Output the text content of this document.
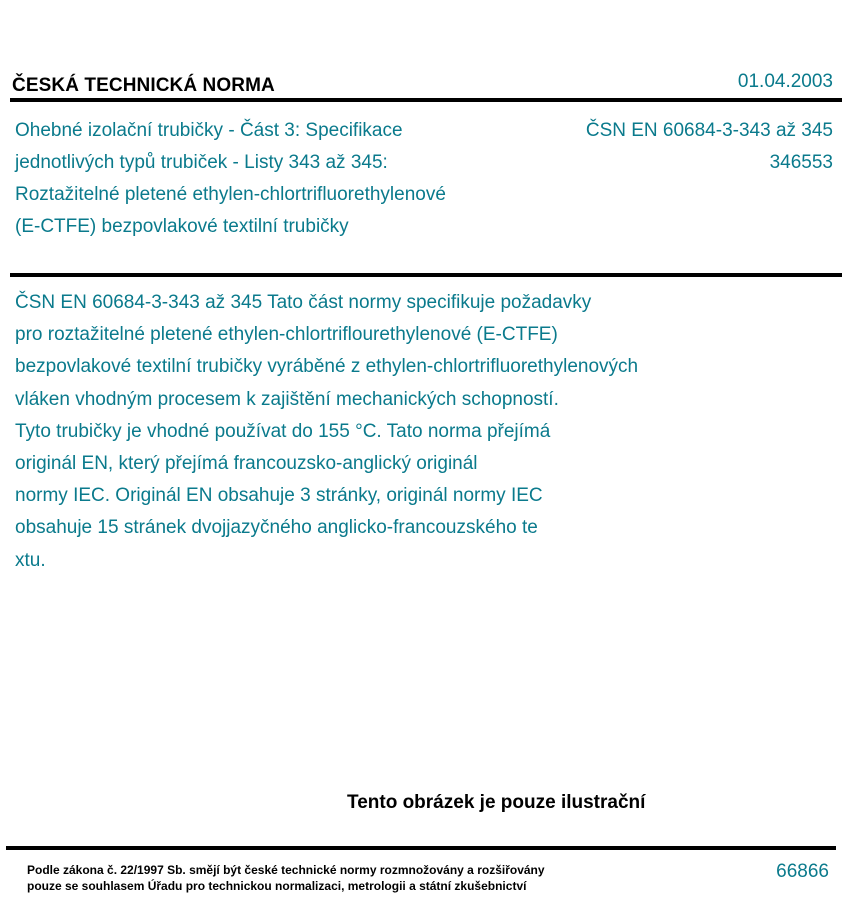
ČESKÁ TECHNICKÁ NORMA	01.04.2003
Ohebné izolační trubičky - Část 3: Specifikace
jednotlivých typů trubiček - Listy 343 až 345:
Roztažitelné pletené ethylen-chlortrifluorethylenové
(E-CTFE) bezpovlakové textilní trubičky
ČSN EN 60684-3-343 až 345
346553
ČSN EN 60684-3-343 až 345 Tato část normy specifikuje požadavky
pro roztažitelné pletené ethylen-chlortriflourethylenové (E-CTFE)
bezpovlakové textilní trubičky vyráběné z ethylen-chlortrifluorethylenových
vláken vhodným procesem k zajištění mechanických schopností.
Tyto trubičky je vhodné používat do 155 °C. Tato norma přejímá
originál EN, který přejímá francouzsko-anglický originál
normy IEC. Originál EN obsahuje 3 stránky, originál normy IEC
obsahuje 15 stránek dvojjazyčného anglicko-francouzského te
xtu.
Tento obrázek je pouze ilustrační
Podle zákona č. 22/1997 Sb. smějí být české technické normy rozmnožovány a rozšiřovány
pouze se souhlasem Úřadu pro technickou normalizaci, metrologii a státní zkušebnictví
66866
